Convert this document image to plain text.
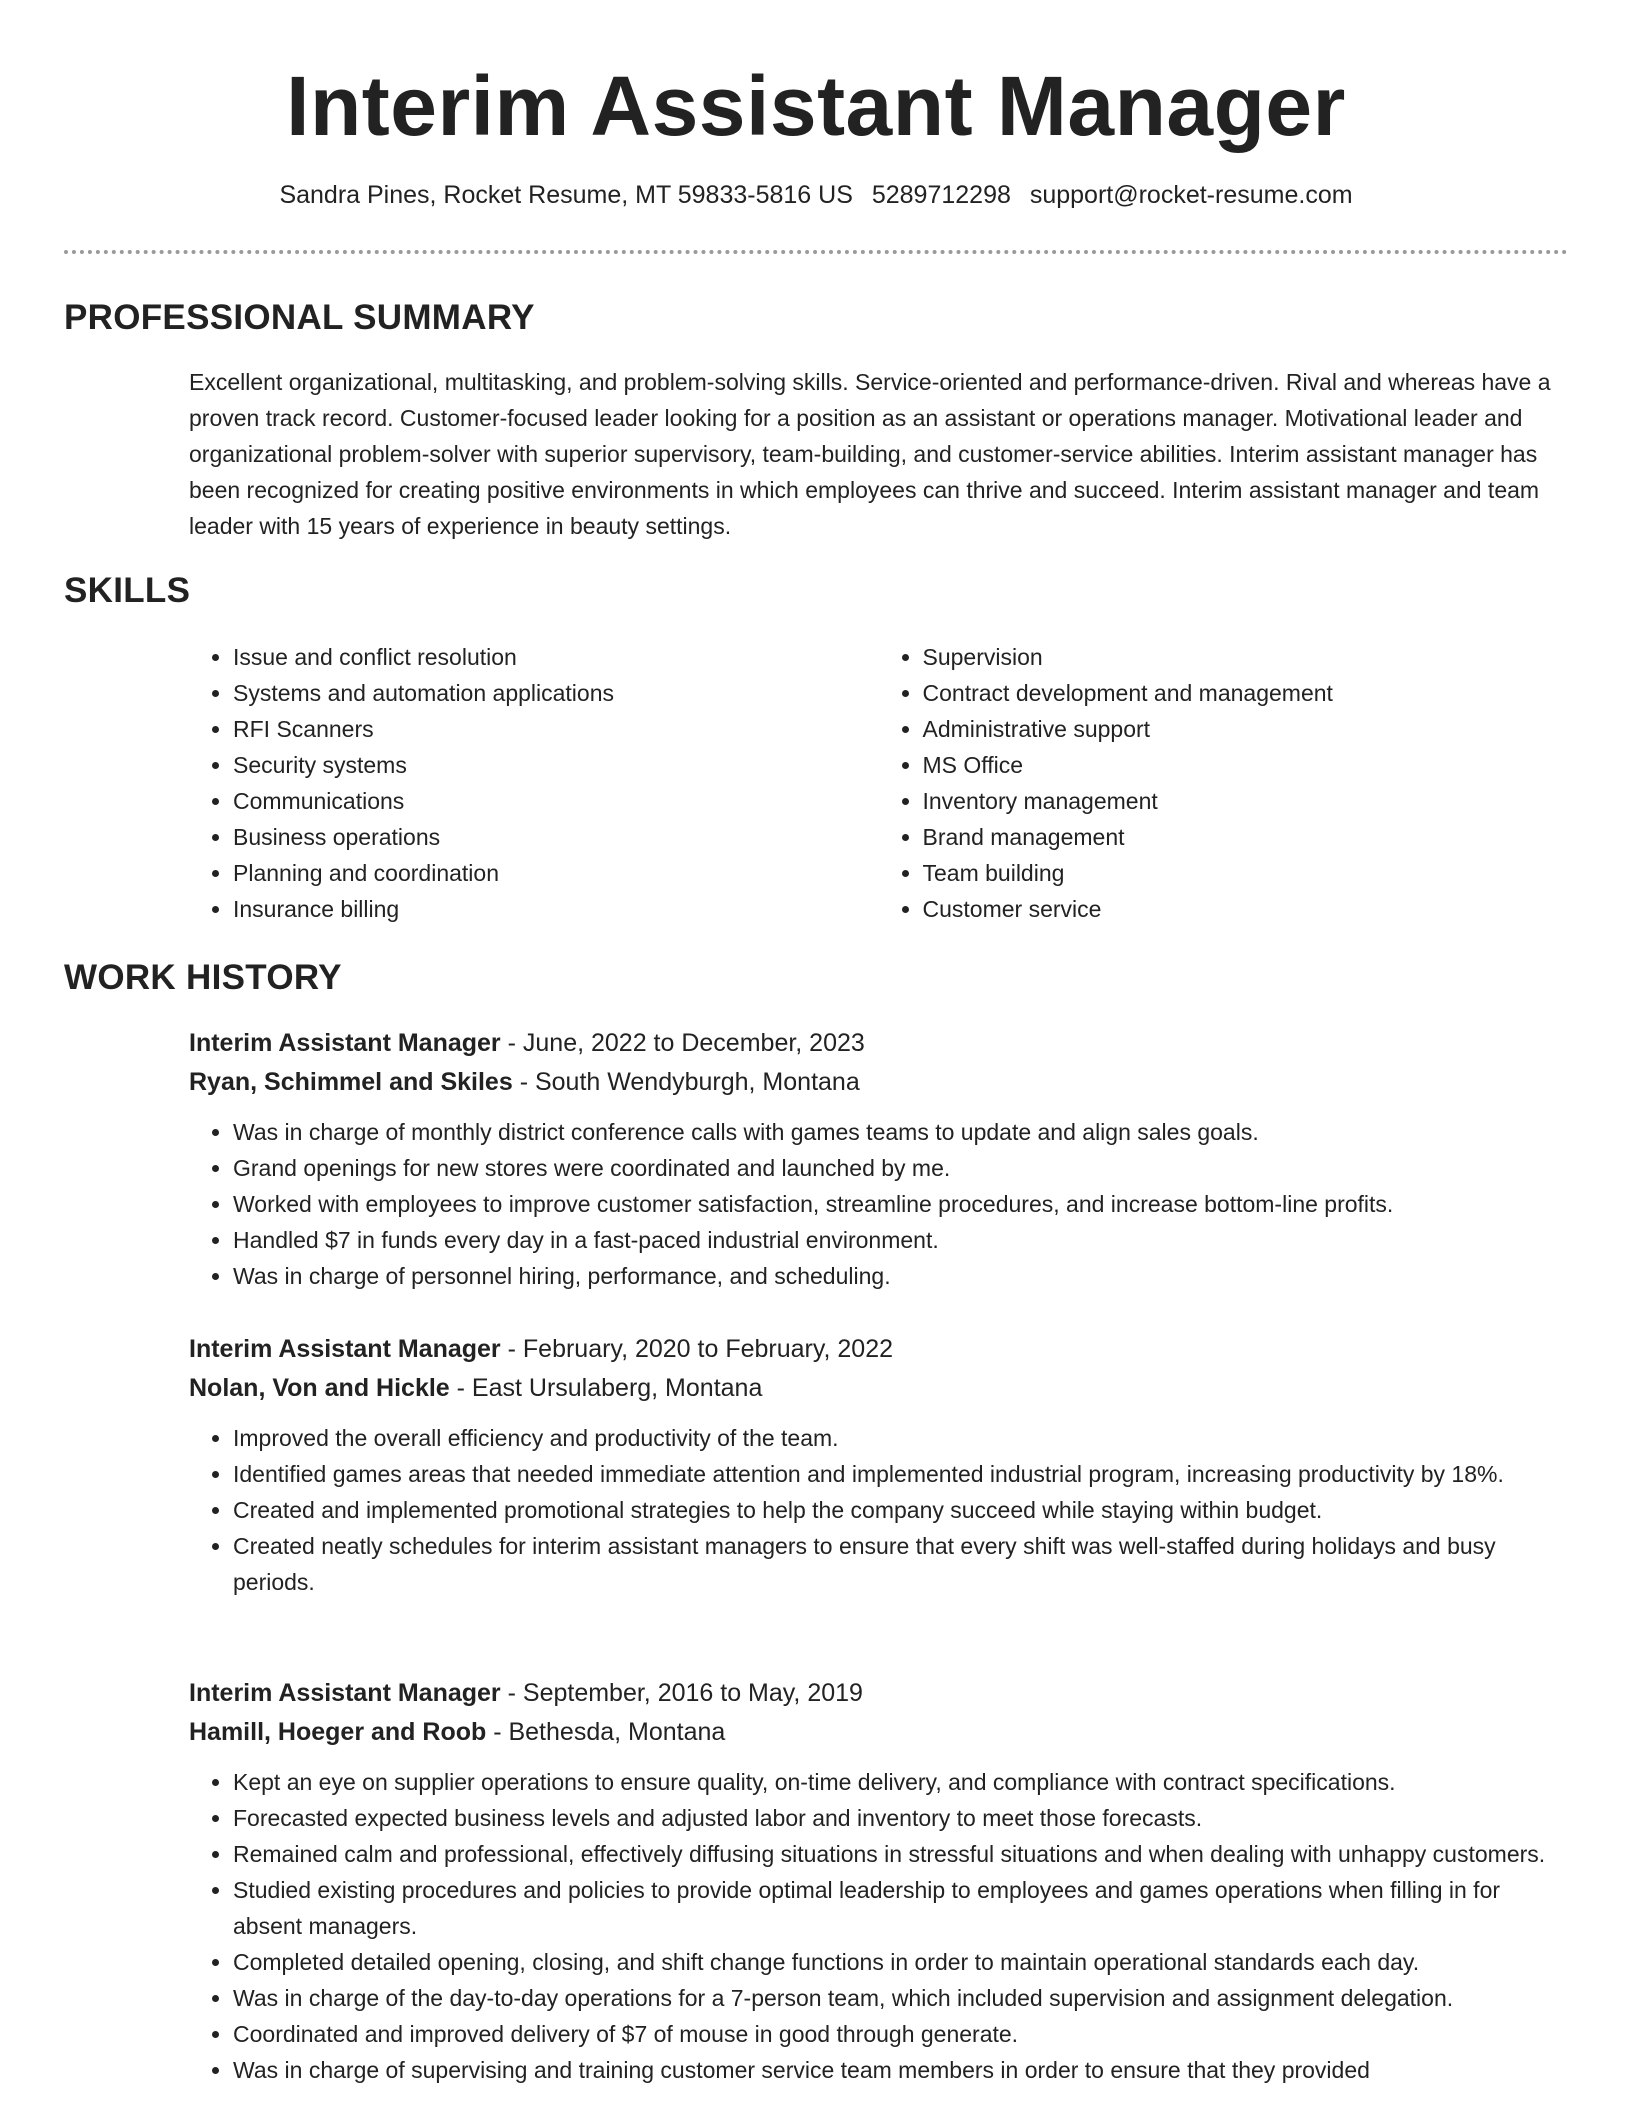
Interim Assistant Manager
Sandra Pines, Rocket Resume, MT 59833-5816 US 5289712298 support@rocket-resume.com
PROFESSIONAL SUMMARY

Excellent organizational, multitasking, and problem-solving skills. Service-oriented and performance-driven. Rival and whereas have a proven track record. Customer-focused leader looking for a position as an assistant or operations manager. Motivational leader and organizational problem-solver with superior supervisory, team-building, and customer-service abilities. Interim assistant manager has been recognized for creating positive environments in which employees can thrive and succeed. Interim assistant manager and team leader with 15 years of experience in beauty settings.

SKILLS
• Issue and conflict resolution
• Systems and automation applications
• RFI Scanners
• Security systems
• Communications
• Business operations
• Planning and coordination
• Insurance billing
• Supervision
• Contract development and management
• Administrative support
• MS Office
• Inventory management
• Brand management
• Team building
• Customer service
WORK HISTORY

Interim Assistant Manager - June, 2022 to December, 2023

Ryan, Schimmel and Skiles - South Wendyburgh, Montana

• Was in charge of monthly district conference calls with games teams to update and align sales goals.
• Grand openings for new stores were coordinated and launched by me.
• Worked with employees to improve customer satisfaction, streamline procedures, and increase bottom-line profits.
• Handled $7 in funds every day in a fast-paced industrial environment.
• Was in charge of personnel hiring, performance, and scheduling.

Interim Assistant Manager - February, 2020 to February, 2022

Nolan, Von and Hickle - East Ursulaberg, Montana

• Improved the overall efficiency and productivity of the team.
• Identified games areas that needed immediate attention and implemented industrial program, increasing productivity by 18%.
• Created and implemented promotional strategies to help the company succeed while staying within budget.
• Created neatly schedules for interim assistant managers to ensure that every shift was well-staffed during holidays and busy periods.

Interim Assistant Manager - September, 2016 to May, 2019

Hamill, Hoeger and Roob - Bethesda, Montana

• Kept an eye on supplier operations to ensure quality, on-time delivery, and compliance with contract specifications.
• Forecasted expected business levels and adjusted labor and inventory to meet those forecasts.
• Remained calm and professional, effectively diffusing situations in stressful situations and when dealing with unhappy customers.
• Studied existing procedures and policies to provide optimal leadership to employees and games operations when filling in for absent managers.
• Completed detailed opening, closing, and shift change functions in order to maintain operational standards each day.
• Was in charge of the day-to-day operations for a 7-person team, which included supervision and assignment delegation.
• Coordinated and improved delivery of $7 of mouse in good through generate.
• Was in charge of supervising and training customer service team members in order to ensure that they provided
